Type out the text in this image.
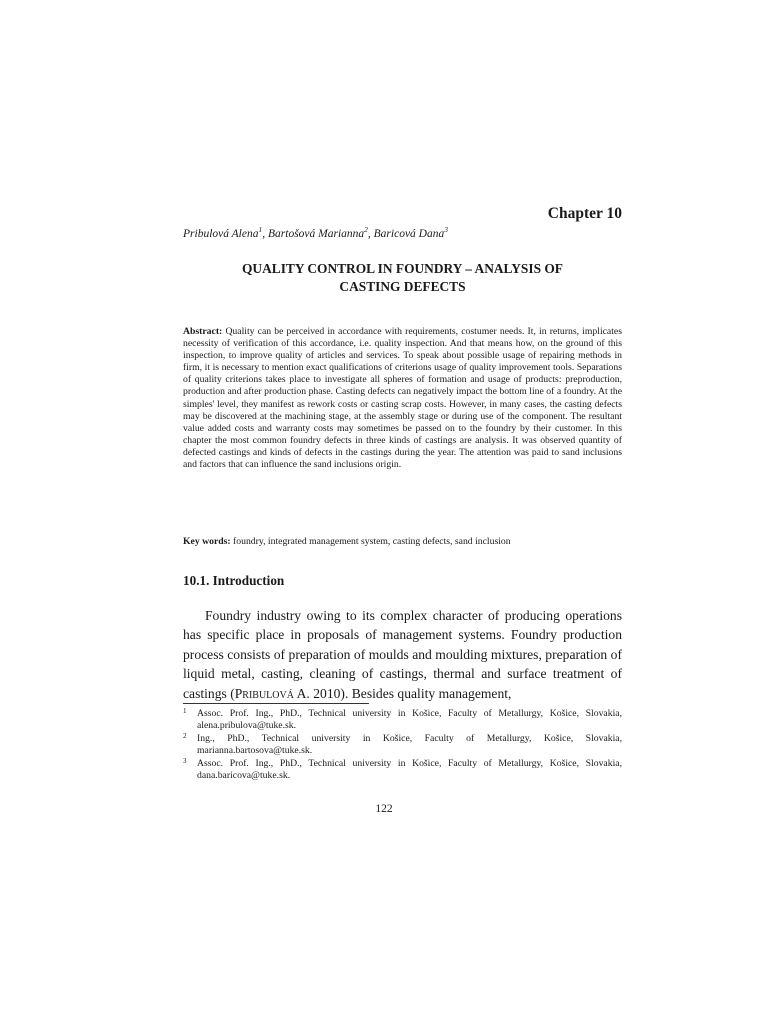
Chapter 10
Pribulová Alena$^1$, Bartošová Marianna$^2$, Baricová Dana$^3$
QUALITY CONTROL IN FOUNDRY – ANALYSIS OF
CASTING DEFECTS
Abstract: Quality can be perceived in accordance with requirements, costumer needs. It, in returns, implicates necessity of verification of this accordance, i.e. quality inspection. And that means how, on the ground of this inspection, to improve quality of articles and services. To speak about possible usage of repairing methods in firm, it is necessary to mention exact qualifications of criterions usage of quality improvement tools. Separations of quality criterions takes place to investigate all spheres of formation and usage of products: preproduction, production and after production phase. Casting defects can negatively impact the bottom line of a foundry. At the simples' level, they manifest as rework costs or casting scrap costs. However, in many cases, the casting defects may be discovered at the machining stage, at the assembly stage or during use of the component. The resultant value added costs and warranty costs may sometimes be passed on to the foundry by their customer. In this chapter the most common foundry defects in three kinds of castings are analysis. It was observed quantity of defected castings and kinds of defects in the castings during the year. The attention was paid to sand inclusions and factors that can influence the sand inclusions origin.
Key words: foundry, integrated management system, casting defects, sand inclusion
10.1. Introduction
Foundry industry owing to its complex character of producing operations has specific place in proposals of management systems. Foundry production process consists of preparation of moulds and moulding mixtures, preparation of liquid metal, casting, cleaning of castings, thermal and surface treatment of castings (Pribulová A. 2010). Besides quality management,
1 Assoc. Prof. Ing., PhD., Technical university in Košice, Faculty of Metallurgy, Košice, Slovakia, alena.pribulova@tuke.sk.
2 Ing., PhD., Technical university in Košice, Faculty of Metallurgy, Košice, Slovakia, marianna.bartosova@tuke.sk.
3 Assoc. Prof. Ing., PhD., Technical university in Košice, Faculty of Metallurgy, Košice, Slovakia, dana.baricova@tuke.sk.
122
